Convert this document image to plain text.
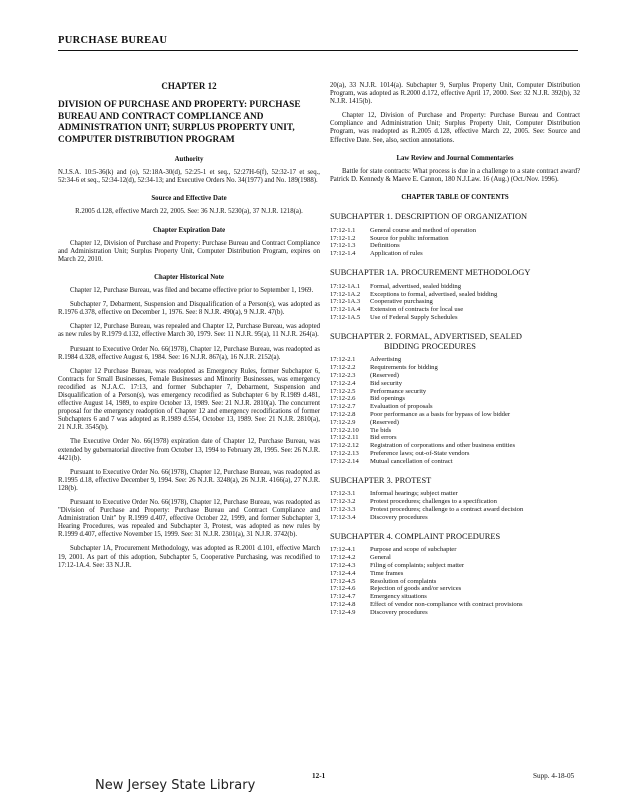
PURCHASE BUREAU
CHAPTER 12
DIVISION OF PURCHASE AND PROPERTY: PURCHASE BUREAU AND CONTRACT COMPLIANCE AND ADMINISTRATION UNIT; SURPLUS PROPERTY UNIT, COMPUTER DISTRIBUTION PROGRAM
Authority

N.J.S.A. 10:5-36(k) and (o), 52:18A-30(d), 52:25-1 et seq., 52:27H-6(f), 52:32-17 et seq., 52:34-6 et seq., 52:34-12(d), 52:34-13; and Executive Orders No. 34(1977) and No. 189(1988).

Source and Effective Date

R.2005 d.128, effective March 22, 2005. See: 36 N.J.R. 5230(a), 37 N.J.R. 1218(a).

Chapter Expiration Date

Chapter 12, Division of Purchase and Property: Purchase Bureau and Contract Compliance and Administration Unit; Surplus Property Unit, Computer Distribution Program, expires on March 22, 2010.

Chapter Historical Note

Chapter 12, Purchase Bureau, was filed and became effective prior to September 1, 1969.

Subchapter 7, Debarment, Suspension and Disqualification of a Person(s), was adopted as R.1976 d.378, effective on December 1, 1976. See: 8 N.J.R. 490(a), 9 N.J.R. 47(b).

Chapter 12, Purchase Bureau, was repealed and Chapter 12, Purchase Bureau, was adopted as new rules by R.1979 d.132, effective March 30, 1979. See: 11 N.J.R. 95(a), 11 N.J.R. 264(a).

Pursuant to Executive Order No. 66(1978), Chapter 12, Purchase Bureau, was readopted as R.1984 d.328, effective August 6, 1984. See: 16 N.J.R. 867(a), 16 N.J.R. 2152(a).

Chapter 12 Purchase Bureau, was readopted as Emergency Rules, former Subchapter 6, Contracts for Small Businesses, Female Businesses and Minority Businesses, was emergency recodified as N.J.A.C. 17:13, and former Subchapter 7, Debarment, Suspension and Disqualification of a Person(s), was emergency recodified as Subchapter 6 by R.1989 d.481, effective August 14, 1989, to expire October 13, 1989. See: 21 N.J.R. 2810(a). The concurrent proposal for the emergency readoption of Chapter 12 and emergency recodifications of former Subchapters 6 and 7 was adopted as R.1989 d.554, October 13, 1989. See: 21 N.J.R. 2810(a), 21 N.J.R. 3545(b).

The Executive Order No. 66(1978) expiration date of Chapter 12, Purchase Bureau, was extended by gubernatorial directive from October 13, 1994 to February 28, 1995. See: 26 N.J.R. 4421(b).

Pursuant to Executive Order No. 66(1978), Chapter 12, Purchase Bureau, was readopted as R.1995 d.18, effective December 9, 1994. See: 26 N.J.R. 3248(a), 26 N.J.R. 4166(a), 27 N.J.R. 128(b).

Pursuant to Executive Order No. 66(1978), Chapter 12, Purchase Bureau, was readopted as "Division of Purchase and Property: Purchase Bureau and Contract Compliance and Administration Unit" by R.1999 d.407, effective October 22, 1999, and former Subchapter 3, Hearing Procedures, was repealed and Subchapter 3, Protest, was adopted as new rules by R.1999 d.407, effective November 15, 1999. See: 31 N.J.R. 2301(a), 31 N.J.R. 3742(b).

Subchapter 1A, Procurement Methodology, was adopted as R.2001 d.101, effective March 19, 2001. As part of this adoption, Subchapter 5, Cooperative Purchasing, was recodified to 17:12-1A.4. See: 33 N.J.R.

20(a), 33 N.J.R. 1014(a). Subchapter 9, Surplus Property Unit, Computer Distribution Program, was adopted as R.2000 d.172, effective April 17, 2000. See: 32 N.J.R. 392(b), 32 N.J.R. 1415(b).

Chapter 12, Division of Purchase and Property: Purchase Bureau and Contract Compliance and Administration Unit; Surplus Property Unit, Computer Distribution Program, was readopted as R.2005 d.128, effective March 22, 2005. See: Source and Effective Date. See, also, section annotations.

Law Review and Journal Commentaries

Battle for state contracts: What process is due in a challenge to a state contract award? Patrick D. Kennedy & Maeve E. Cannon, 180 N.J.Law. 16 (Aug.) (Oct./Nov. 1996).

CHAPTER TABLE OF CONTENTS
SUBCHAPTER 1. DESCRIPTION OF ORGANIZATION
17:12-1.1	General course and method of operation
17:12-1.2	Source for public information
17:12-1.3	Definitions
17:12-1.4	Application of rules
SUBCHAPTER 1A. PROCUREMENT METHODOLOGY
17:12-1A.1	Formal, advertised, sealed bidding
17:12-1A.2	Exceptions to formal, advertised, sealed bidding
17:12-1A.3	Cooperative purchasing
17:12-1A.4	Extension of contracts for local use
17:12-1A.5	Use of Federal Supply Schedules
SUBCHAPTER 2. FORMAL, ADVERTISED, SEALED
BIDDING PROCEDURES
17:12-2.1	Advertising
17:12-2.2	Requirements for bidding
17:12-2.3	(Reserved)
17:12-2.4	Bid security
17:12-2.5	Performance security
17:12-2.6	Bid openings
17:12-2.7	Evaluation of proposals
17:12-2.8	Poor performance as a basis for bypass of low bidder
17:12-2.9	(Reserved)
17:12-2.10	Tie bids
17:12-2.11	Bid errors
17:12-2.12	Registration of corporations and other business entities
17:12-2.13	Preference laws; out-of-State vendors
17:12-2.14	Mutual cancellation of contract
SUBCHAPTER 3. PROTEST
17:12-3.1	Informal hearings; subject matter
17:12-3.2	Protest procedures; challenges to a specification
17:12-3.3	Protest procedures; challenge to a contract award decision
17:12-3.4	Discovery procedures
SUBCHAPTER 4. COMPLAINT PROCEDURES
17:12-4.1	Purpose and scope of subchapter
17:12-4.2	General
17:12-4.3	Filing of complaints; subject matter
17:12-4.4	Time frames
17:12-4.5	Resolution of complaints
17:12-4.6	Rejection of goods and/or services
17:12-4.7	Emergency situations
17:12-4.8	Effect of vendor non-compliance with contract provisions
17:12-4.9	Discovery procedures
12-1	Supp. 4-18-05
New Jersey State Library
